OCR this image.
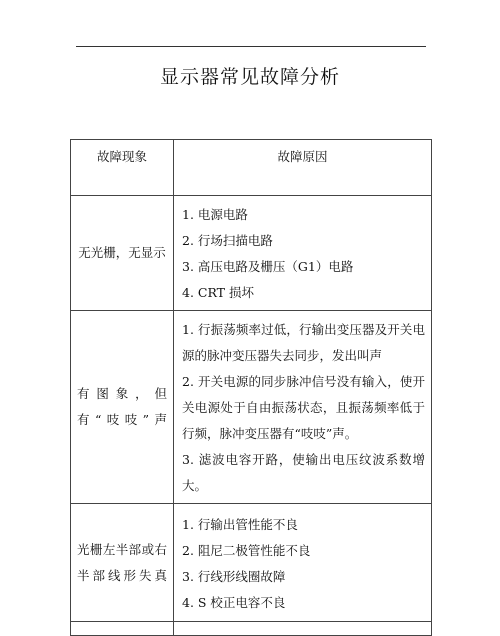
显示器常见故障分析
故障现象	故障原因
无光栅，无显示	1. 电源电路
2. 行场扫描电路
3. 高压电路及栅压（G1）电路
4. CRT 损坏

有图象，但有“吱吱”声	1. 行振荡频率过低，行输出变压器及开关电源的脉冲变压器失去同步，发出叫声
2. 开关电源的同步脉冲信号没有输入，使开关电源处于自由振荡状态，且振荡频率低于行频，脉冲变压器有“吱吱”声。
3. 滤波电容开路，使输出电压纹波系数增大。

光栅左半部或右半部线形失真	1. 行输出管性能不良
2. 阻尼二极管性能不良
3. 行线形线圈故障
4. S 校正电容不良
